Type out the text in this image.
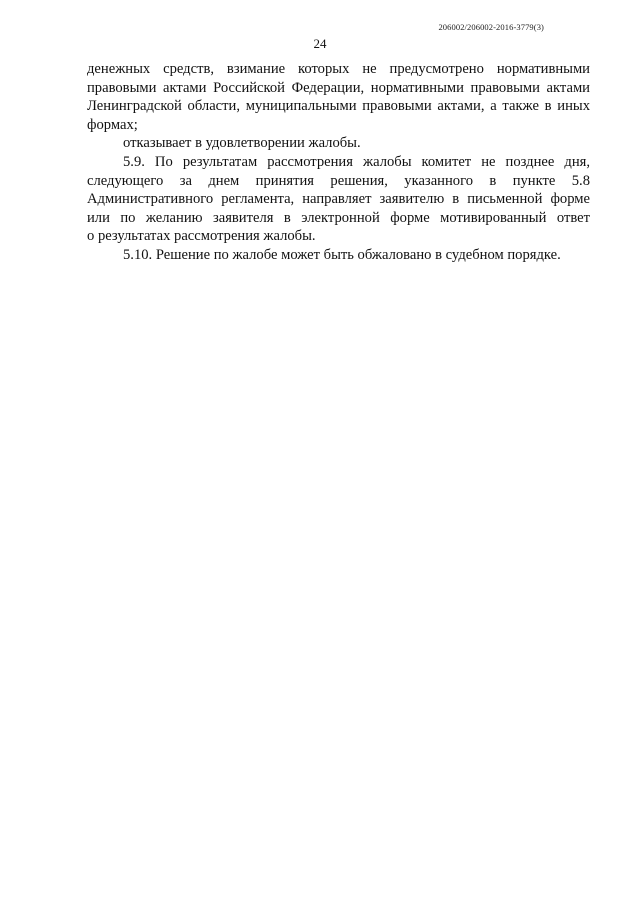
206002/206002-2016-3779(3)
24
денежных средств, взимание которых не предусмотрено нормативными
правовыми актами Российской Федерации, нормативными правовыми актами
Ленинградской области, муниципальными правовыми актами, а также в иных
формах;
отказывает в удовлетворении жалобы.
5.9. По результатам рассмотрения жалобы комитет не позднее дня,
следующего за днем принятия решения, указанного в пункте 5.8
Административного регламента, направляет заявителю в письменной форме
или по желанию заявителя в электронной форме мотивированный ответ
о результатах рассмотрения жалобы.
5.10. Решение по жалобе может быть обжаловано в судебном порядке.
